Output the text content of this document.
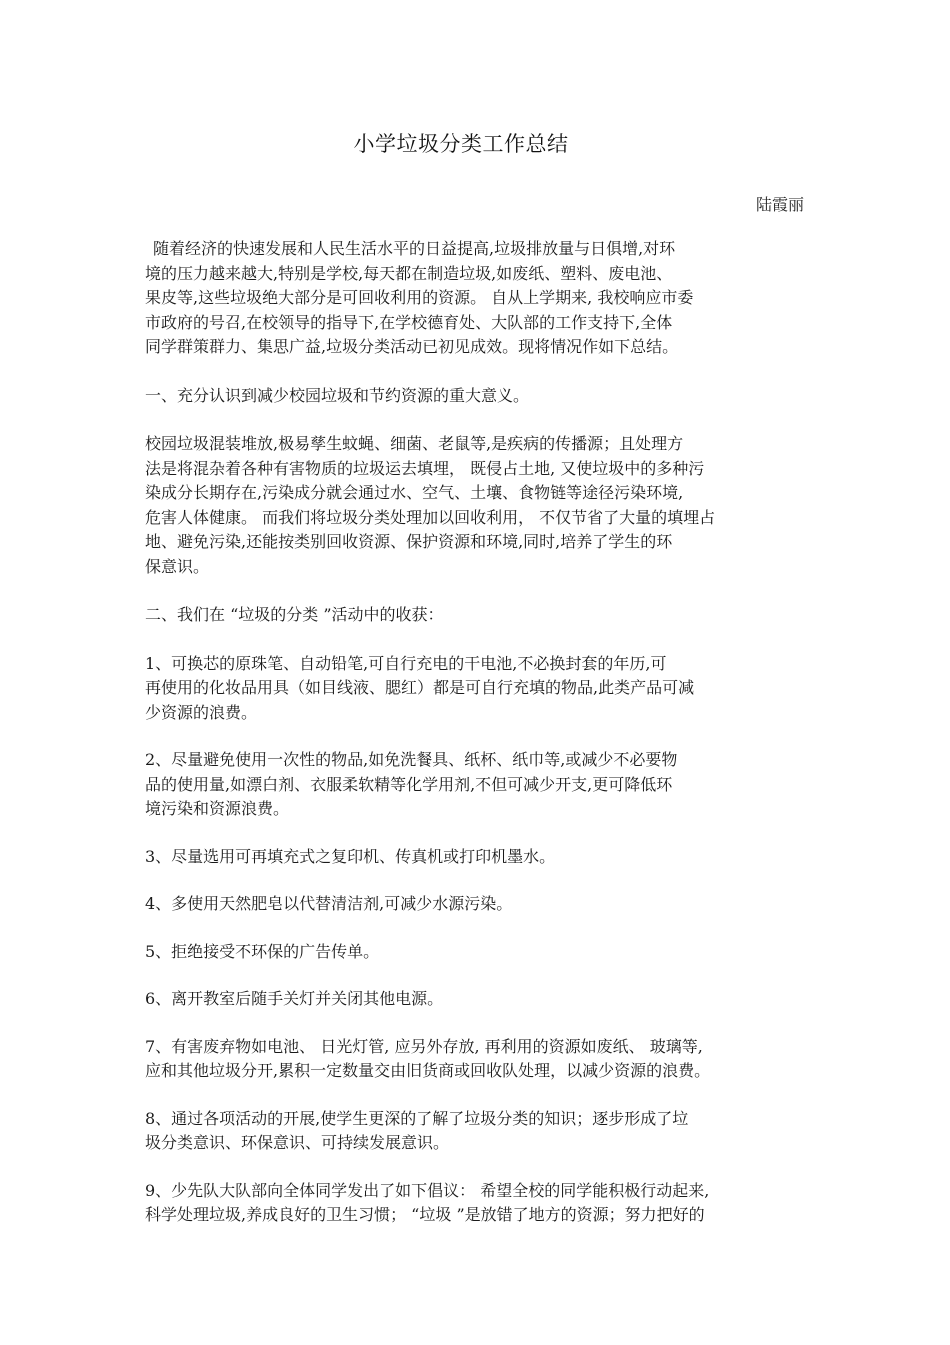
小学垃圾分类工作总结
陆霞丽
随着经济的快速发展和人民生活水平的日益提高,垃圾排放量与日俱增,对环
境的压力越来越大,特别是学校,每天都在制造垃圾,如废纸、塑料、废电池、
果皮等,这些垃圾绝大部分是可回收利用的资源。 自从上学期来, 我校响应市委
市政府的号召,在校领导的指导下,在学校德育处、大队部的工作支持下,全体
同学群策群力、集思广益,垃圾分类活动已初见成效。现将情况作如下总结。
一、充分认识到减少校园垃圾和节约资源的重大意义。
校园垃圾混装堆放,极易孳生蚊蝇、细菌、老鼠等,是疾病的传播源；且处理方
法是将混杂着各种有害物质的垃圾运去填埋， 既侵占土地, 又使垃圾中的多种污
染成分长期存在,污染成分就会通过水、空气、土壤、食物链等途径污染环境,
危害人体健康。 而我们将垃圾分类处理加以回收利用， 不仅节省了大量的填埋占
地、避免污染,还能按类别回收资源、保护资源和环境,同时,培养了学生的环
保意识。
二、我们在 “垃圾的分类 ”活动中的收获：
1、可换芯的原珠笔、自动铅笔,可自行充电的干电池,不必换封套的年历,可
再使用的化妆品用具（如目线液、腮红）都是可自行充填的物品,此类产品可减
少资源的浪费。
2、尽量避免使用一次性的物品,如免洗餐具、纸杯、纸巾等,或减少不必要物
品的使用量,如漂白剂、衣服柔软精等化学用剂,不但可减少开支,更可降低环
境污染和资源浪费。
3、尽量选用可再填充式之复印机、传真机或打印机墨水。
4、多使用天然肥皂以代替清洁剂,可减少水源污染。
5、拒绝接受不环保的广告传单。
6、离开教室后随手关灯并关闭其他电源。
7、有害废弃物如电池、 日光灯管, 应另外存放, 再利用的资源如废纸、 玻璃等,
应和其他垃圾分开,累积一定数量交由旧货商或回收队处理，以减少资源的浪费。
8、通过各项活动的开展,使学生更深的了解了垃圾分类的知识；逐步形成了垃
圾分类意识、环保意识、可持续发展意识。
9、少先队大队部向全体同学发出了如下倡议： 希望全校的同学能积极行动起来,
科学处理垃圾,养成良好的卫生习惯； “垃圾 ”是放错了地方的资源；努力把好的
